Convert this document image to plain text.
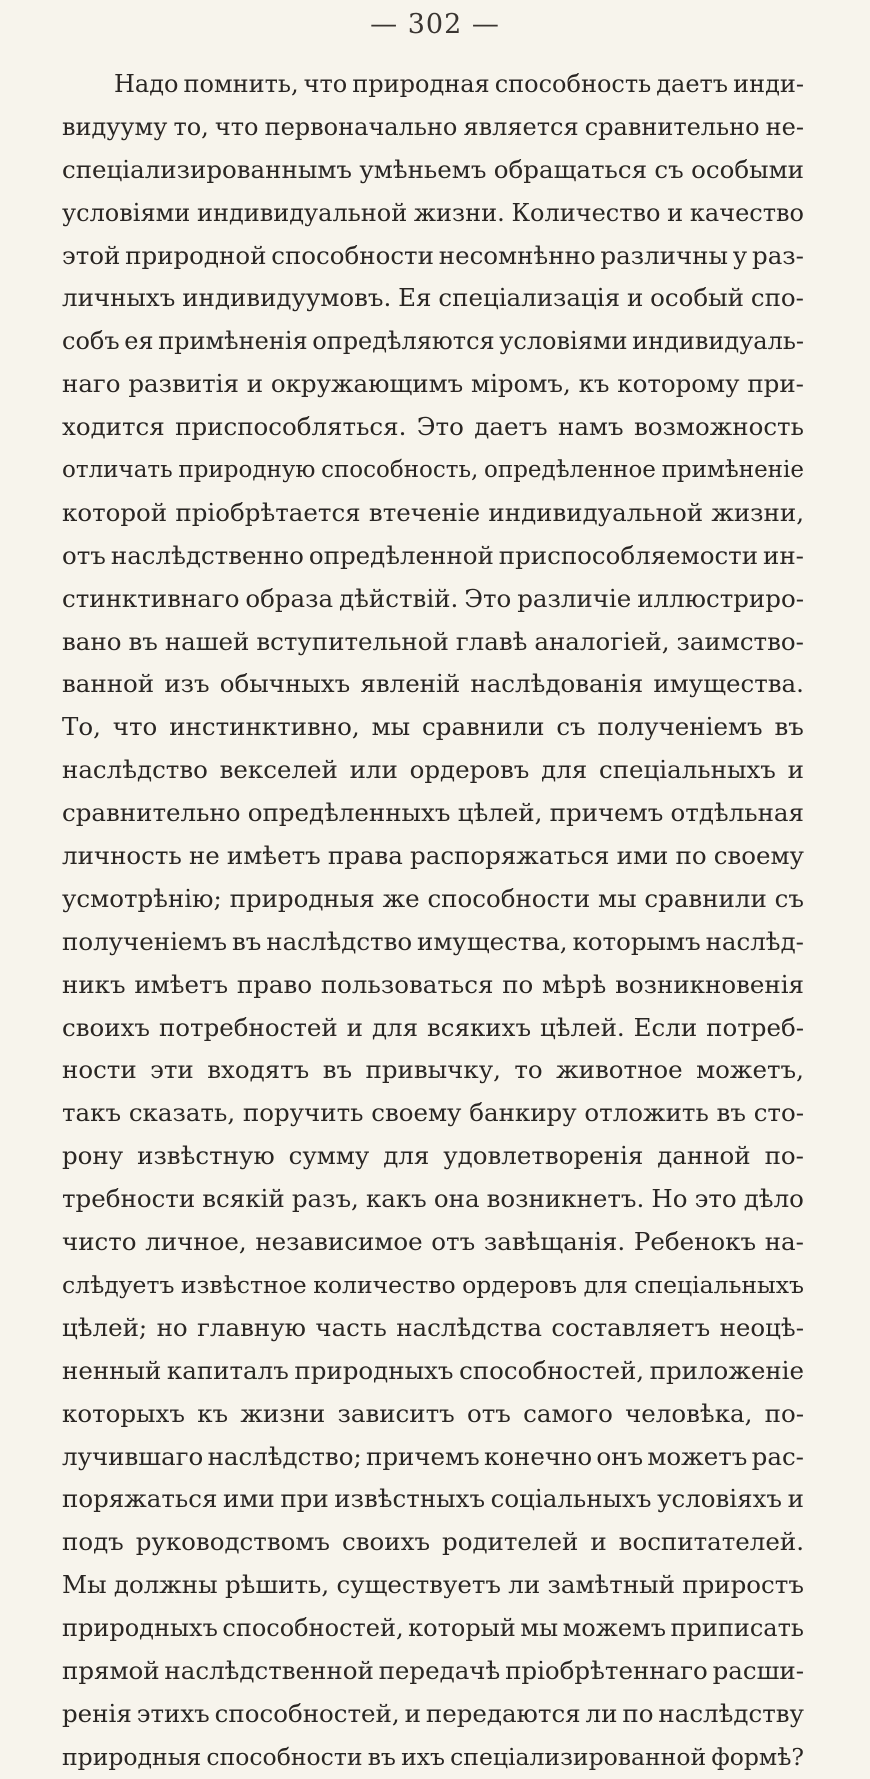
— 302 —
Надо помнить, что природная способность даетъ инди-
видууму то, что первоначально является сравнительно не-
спеціализированнымъ умѣньемъ обращаться съ особыми
условіями индивидуальной жизни. Количество и качество
этой природной способности несомнѣнно различны у раз-
личныхъ индивидуумовъ. Ея спеціализація и особый спо-
собъ ея примѣненія опредѣляются условіями индивидуаль-
наго развитія и окружающимъ міромъ, къ которому при-
ходится приспособляться. Это даетъ намъ возможность
отличать природную способность, опредѣленное примѣненіе
которой пріобрѣтается втеченіе индивидуальной жизни,
отъ наслѣдственно опредѣленной приспособляемости ин-
стинктивнаго образа дѣйствій. Это различіе иллюстриро-
вано въ нашей вступительной главѣ аналогіей, заимство-
ванной изъ обычныхъ явленій наслѣдованія имущества.
То, что инстинктивно, мы сравнили съ полученіемъ въ
наслѣдство векселей или ордеровъ для спеціальныхъ и
сравнительно опредѣленныхъ цѣлей, причемъ отдѣльная
личность не имѣетъ права распоряжаться ими по своему
усмотрѣнію; природныя же способности мы сравнили съ
полученіемъ въ наслѣдство имущества, которымъ наслѣд-
никъ имѣетъ право пользоваться по мѣрѣ возникновенія
своихъ потребностей и для всякихъ цѣлей. Если потреб-
ности эти входятъ въ привычку, то животное можетъ,
такъ сказать, поручить своему банкиру отложить въ сто-
рону извѣстную сумму для удовлетворенія данной по-
требности всякій разъ, какъ она возникнетъ. Но это дѣло
чисто личное, независимое отъ завѣщанія. Ребенокъ на-
слѣдуетъ извѣстное количество ордеровъ для спеціальныхъ
цѣлей; но главную часть наслѣдства составляетъ неоцѣ-
ненный капиталъ природныхъ способностей, приложеніе
которыхъ къ жизни зависитъ отъ самого человѣка, по-
лучившаго наслѣдство; причемъ конечно онъ можетъ рас-
поряжаться ими при извѣстныхъ соціальныхъ условіяхъ и
подъ руководствомъ своихъ родителей и воспитателей.
Мы должны рѣшить, существуетъ ли замѣтный приростъ
природныхъ способностей, который мы можемъ приписать
прямой наслѣдственной передачѣ пріобрѣтеннаго расши-
ренія этихъ способностей, и передаются ли по наслѣдству
природныя способности въ ихъ спеціализированной формѣ?
